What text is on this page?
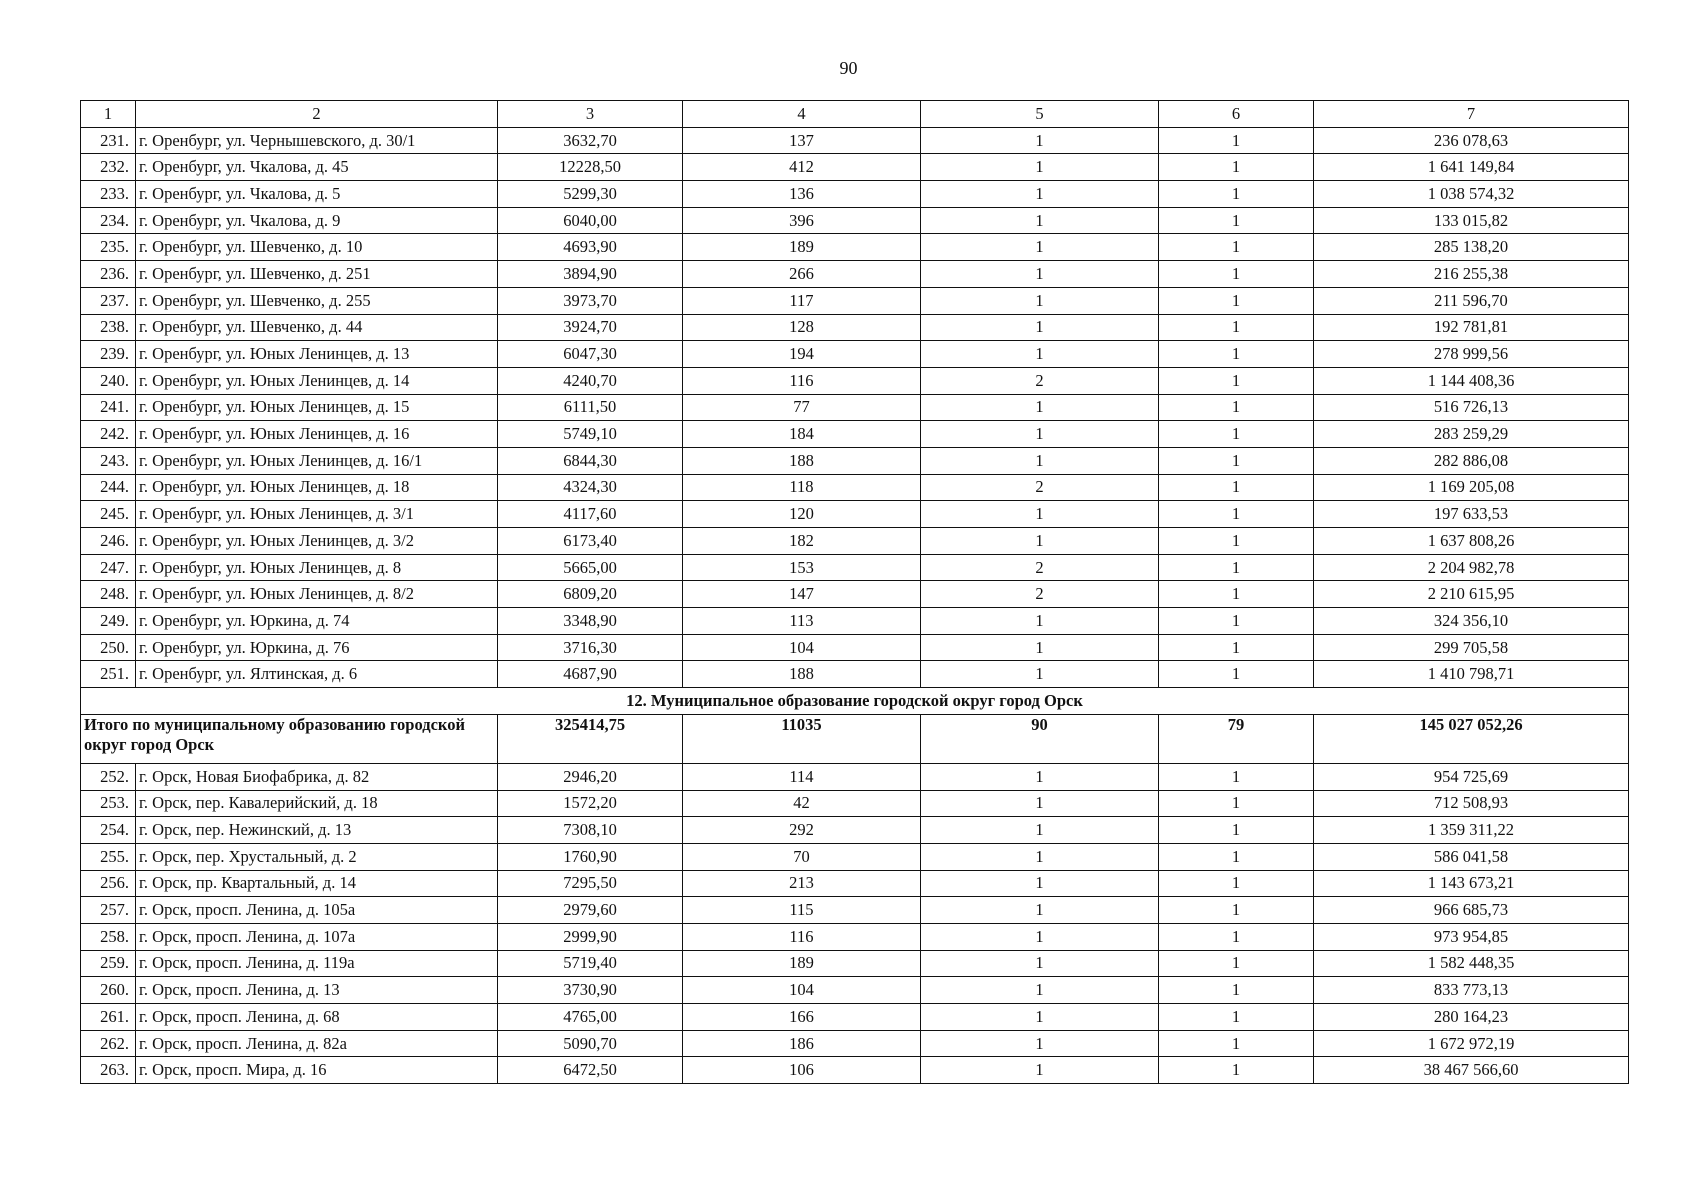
90
1	2	3	4	5	6	7
231.	г. Оренбург, ул. Чернышевского, д. 30/1	3632,70	137	1	1	236 078,63
232.	г. Оренбург, ул. Чкалова, д. 45	12228,50	412	1	1	1 641 149,84
233.	г. Оренбург, ул. Чкалова, д. 5	5299,30	136	1	1	1 038 574,32
234.	г. Оренбург, ул. Чкалова, д. 9	6040,00	396	1	1	133 015,82
235.	г. Оренбург, ул. Шевченко, д. 10	4693,90	189	1	1	285 138,20
236.	г. Оренбург, ул. Шевченко, д. 251	3894,90	266	1	1	216 255,38
237.	г. Оренбург, ул. Шевченко, д. 255	3973,70	117	1	1	211 596,70
238.	г. Оренбург, ул. Шевченко, д. 44	3924,70	128	1	1	192 781,81
239.	г. Оренбург, ул. Юных Ленинцев, д. 13	6047,30	194	1	1	278 999,56
240.	г. Оренбург, ул. Юных Ленинцев, д. 14	4240,70	116	2	1	1 144 408,36
241.	г. Оренбург, ул. Юных Ленинцев, д. 15	6111,50	77	1	1	516 726,13
242.	г. Оренбург, ул. Юных Ленинцев, д. 16	5749,10	184	1	1	283 259,29
243.	г. Оренбург, ул. Юных Ленинцев, д. 16/1	6844,30	188	1	1	282 886,08
244.	г. Оренбург, ул. Юных Ленинцев, д. 18	4324,30	118	2	1	1 169 205,08
245.	г. Оренбург, ул. Юных Ленинцев, д. 3/1	4117,60	120	1	1	197 633,53
246.	г. Оренбург, ул. Юных Ленинцев, д. 3/2	6173,40	182	1	1	1 637 808,26
247.	г. Оренбург, ул. Юных Ленинцев, д. 8	5665,00	153	2	1	2 204 982,78
248.	г. Оренбург, ул. Юных Ленинцев, д. 8/2	6809,20	147	2	1	2 210 615,95
249.	г. Оренбург, ул. Юркина, д. 74	3348,90	113	1	1	324 356,10
250.	г. Оренбург, ул. Юркина, д. 76	3716,30	104	1	1	299 705,58
251.	г. Оренбург, ул. Ялтинская, д. 6	4687,90	188	1	1	1 410 798,71
12. Муниципальное образование городской округ город Орск						
Итого по муниципальному образованию городской округ город Орск		325414,75	11035	90	79	145 027 052,26
252.	г. Орск, Новая Биофабрика, д. 82	2946,20	114	1	1	954 725,69
253.	г. Орск, пер. Кавалерийский, д. 18	1572,20	42	1	1	712 508,93
254.	г. Орск, пер. Нежинский, д. 13	7308,10	292	1	1	1 359 311,22
255.	г. Орск, пер. Хрустальный, д. 2	1760,90	70	1	1	586 041,58
256.	г. Орск, пр. Квартальный, д. 14	7295,50	213	1	1	1 143 673,21
257.	г. Орск, просп. Ленина, д. 105а	2979,60	115	1	1	966 685,73
258.	г. Орск, просп. Ленина, д. 107а	2999,90	116	1	1	973 954,85
259.	г. Орск, просп. Ленина, д. 119а	5719,40	189	1	1	1 582 448,35
260.	г. Орск, просп. Ленина, д. 13	3730,90	104	1	1	833 773,13
261.	г. Орск, просп. Ленина, д. 68	4765,00	166	1	1	280 164,23
262.	г. Орск, просп. Ленина, д. 82а	5090,70	186	1	1	1 672 972,19
263.	г. Орск, просп. Мира, д. 16	6472,50	106	1	1	38 467 566,60
